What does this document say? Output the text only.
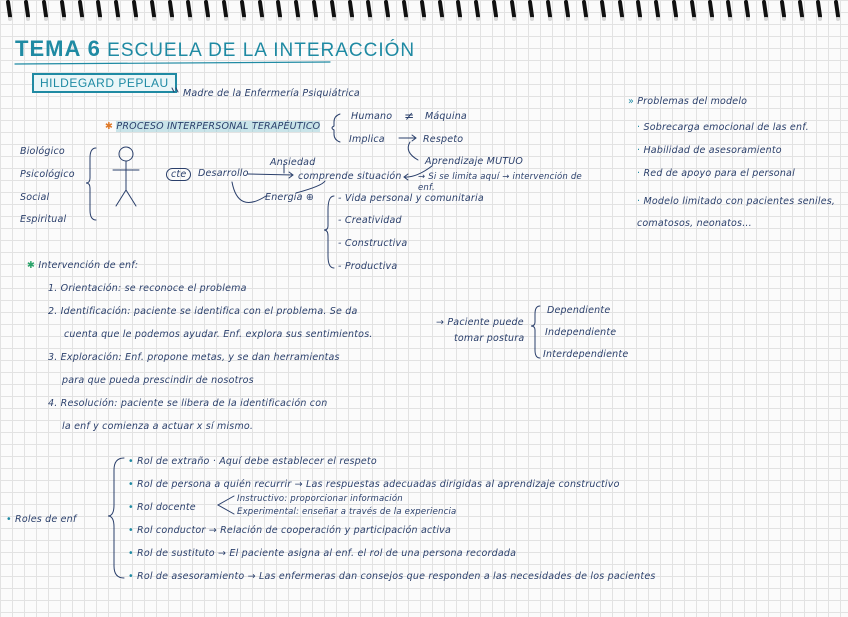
TEMA 6 ESCUELA DE LA INTERACCIÓN
HILDEGARD PEPLAU
Madre de la Enfermería Psiquiátrica
Biológico
Psicológico
Social
Espiritual
✱ PROCESO INTERPERSONAL TERAPÉUTICO
Humano ≠ Máquina
Implica	Respeto
Aprendizaje MUTUO
cte	Desarrollo
Ansiedad
comprende situación → Si se limita aquí → intervención de enf.
Energía ⊕	- Vida personal y comunitaria
- Creatividad
- Constructiva
- Productiva
» Problemas del modelo
· Sobrecarga emocional de las enf.
· Habilidad de asesoramiento
· Red de apoyo para el personal
· Modelo limitado con pacientes seniles, comatosos, neonatos...
✱ Intervención de enf:
1. Orientación: se reconoce el problema
2. Identificación: paciente se identifica con el problema. Se da
cuenta que le podemos ayudar. Enf. explora sus sentimientos.
3. Exploración: Enf. propone metas, y se dan herramientas
para que pueda prescindir de nosotros
4. Resolución: paciente se libera de la identificación con
la enf y comienza a actuar x sí mismo.
→ Paciente puede
tomar postura
Dependiente
Independiente
Interdependiente
• Roles de enf
• Rol de extraño · Aquí debe establecer el respeto
• Rol de persona a quién recurrir → Las respuestas adecuadas dirigidas al aprendizaje constructivo
• Rol docente
Instructivo: proporcionar información
Experimental: enseñar a través de la experiencia
• Rol conductor → Relación de cooperación y participación activa
• Rol de sustituto → El paciente asigna al enf. el rol de una persona recordada
• Rol de asesoramiento → Las enfermeras dan consejos que responden a las necesidades de los pacientes
